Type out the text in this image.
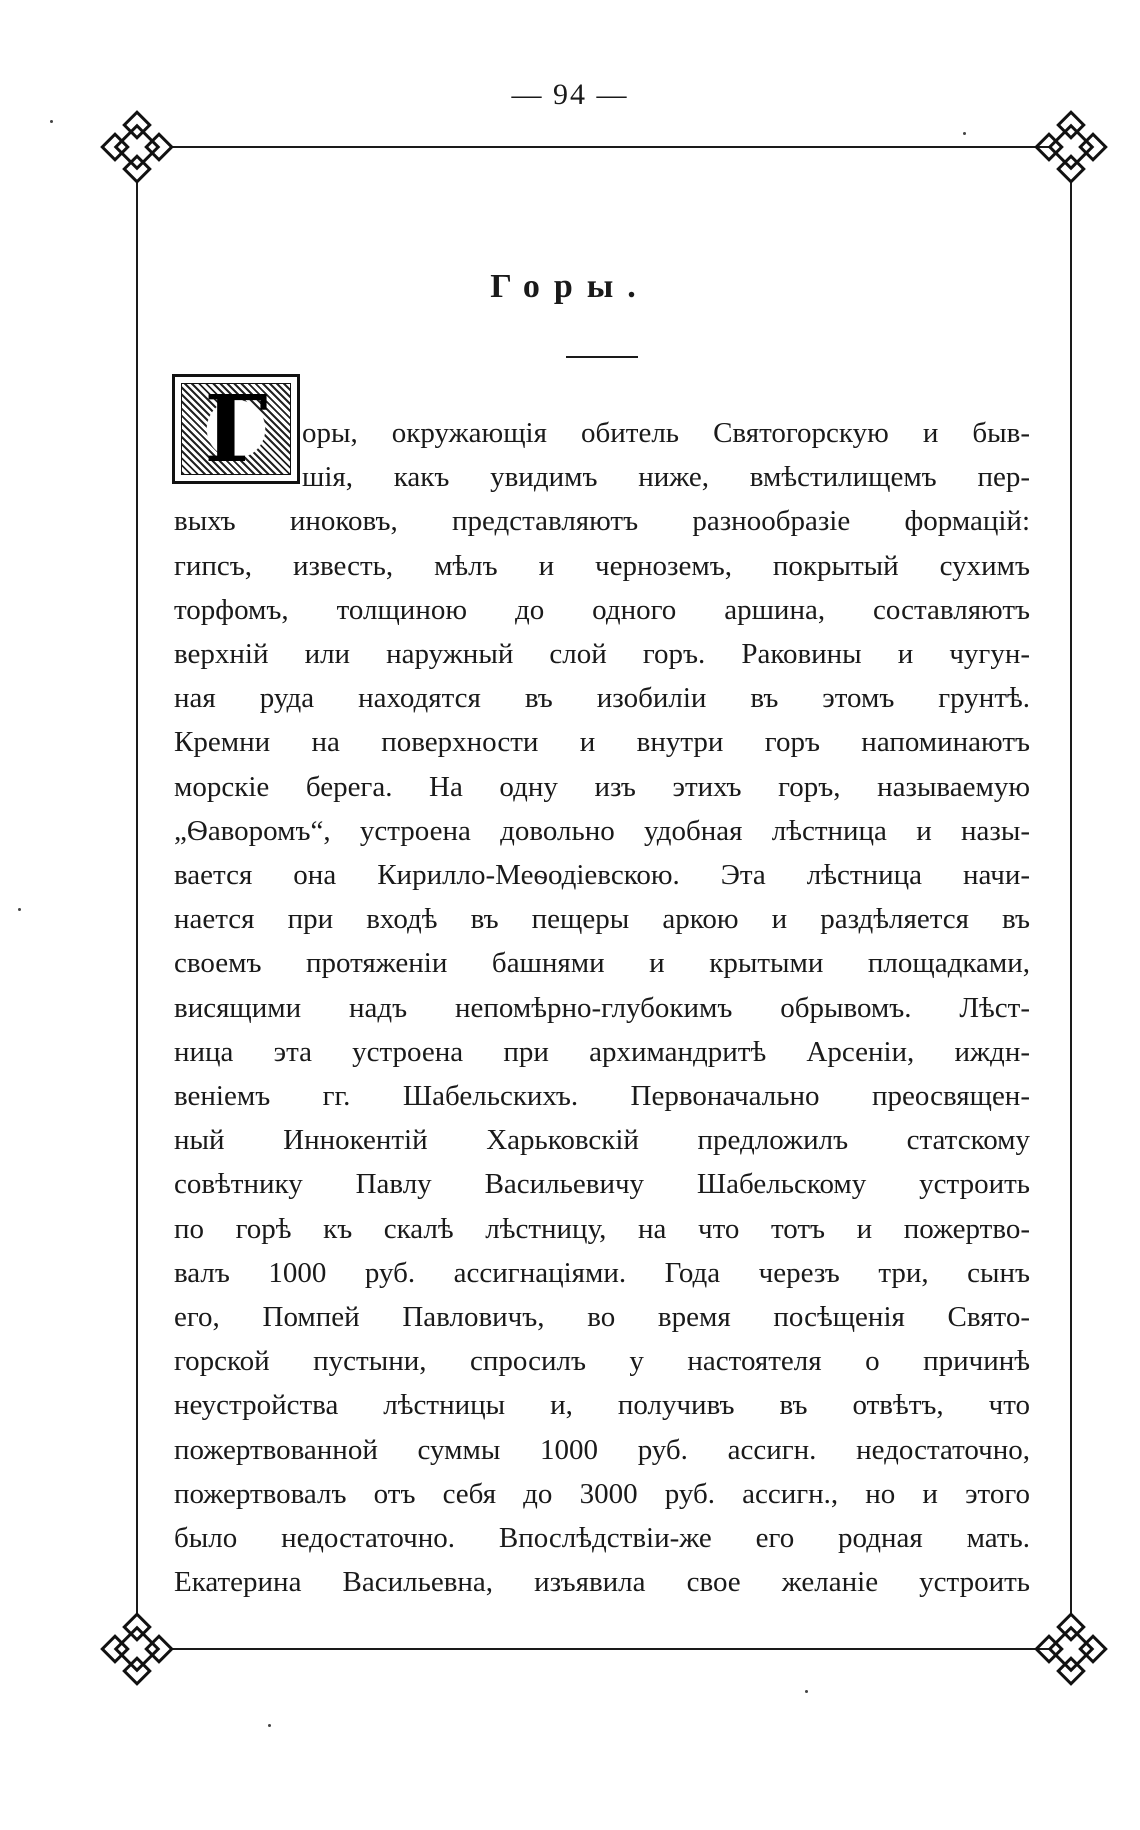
— 94 —
Горы.
Г	оры, окружающія обитель Святогорскую и быв-
шія, какъ увидимъ ниже, вмѣстилищемъ пер-
выхъ иноковъ, представляютъ разнообразіе формацій:
гипсъ, известь, мѣлъ и черноземъ, покрытый сухимъ
торфомъ, толщиною до одного аршина, составляютъ
верхній или наружный слой горъ. Раковины и чугун-
ная руда находятся въ изобиліи въ этомъ грунтѣ.
Кремни на поверхности и внутри горъ напоминаютъ
морскіе берега. На одну изъ этихъ горъ, называемую
„Ѳаворомъ“, устроена довольно удобная лѣстница и назы-
вается она Кирилло-Меѳодіевскою. Эта лѣстница начи-
нается при входѣ въ пещеры аркою и раздѣляется въ
своемъ протяженіи башнями и крытыми площадками,
висящими надъ непомѣрно-глубокимъ обрывомъ. Лѣст-
ница эта устроена при архимандритѣ Арсеніи, иждн-
веніемъ гг. Шабельскихъ. Первоначально преосвящен-
ный Иннокентій Харьковскій предложилъ статскому
совѣтнику Павлу Васильевичу Шабельскому устроить
по горѣ къ скалѣ лѣстницу, на что тотъ и пожертво-
валъ 1000 руб. ассигнаціями. Года черезъ три, сынъ
его, Помпей Павловичъ, во время посѣщенія Свято-
горской пустыни, спросилъ у настоятеля о причинѣ
неустройства лѣстницы и, получивъ въ отвѣтъ, что
пожертвованной суммы 1000 руб. ассигн. недостаточно,
пожертвовалъ отъ себя до 3000 руб. ассигн., но и этого
было недостаточно. Впослѣдствіи-же его родная мать.
Екатерина Васильевна, изъявила свое желаніе устроить
